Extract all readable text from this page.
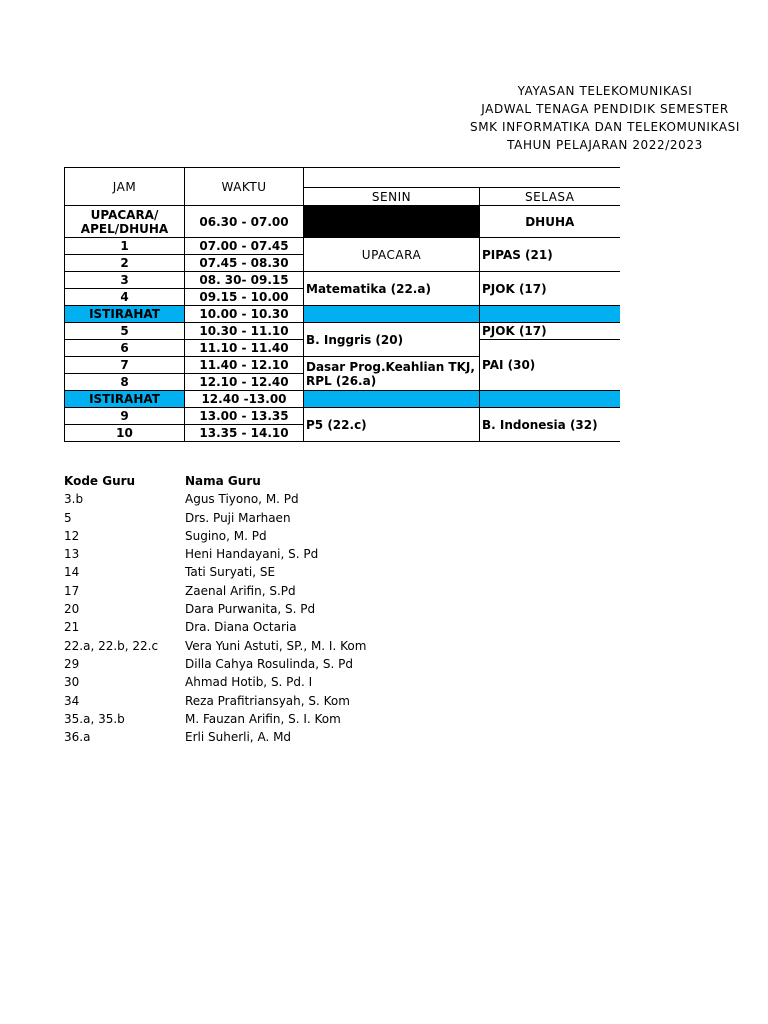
YAYASAN TELEKOMUNIKASI
JADWAL TENAGA PENDIDIK SEMESTER
SMK INFORMATIKA DAN TELEKOMUNIKASI
TAHUN PELAJARAN 2022/2023
JAM	WAKTU		
		SENIN	SELASA
UPACARA/ APEL/DHUHA	06.30 - 07.00		DHUHA
1	07.00 - 07.45	UPACARA	PIPAS (21)
2	07.45 - 08.30		
3	08. 30- 09.15	Matematika (22.a)	PJOK (17)
4	09.15 - 10.00		
ISTIRAHAT	10.00 - 10.30		
5	10.30 - 11.10	B. Inggris (20)	PJOK (17)
6	11.10 - 11.40		PAI (30)
7	11.40 - 12.10	Dasar Prog.Keahlian TKJ, RPL (26.a)	
8	12.10 - 12.40		
ISTIRAHAT	12.40 -13.00		
9	13.00 - 13.35	P5 (22.c)	B. Indonesia (32)
10	13.35 - 14.10		
Kode Guru	Nama Guru
3.b	Agus Tiyono, M. Pd
5	Drs. Puji Marhaen
12	Sugino, M. Pd
13	Heni Handayani, S. Pd
14	Tati Suryati, SE
17	Zaenal Arifin, S.Pd
20	Dara Purwanita, S. Pd
21	Dra. Diana Octaria
22.a, 22.b, 22.c Vera Yuni Astuti, SP., M. I. Kom
29	Dilla Cahya Rosulinda, S. Pd
30	Ahmad Hotib, S. Pd. I
34	Reza Prafitriansyah, S. Kom
35.a, 35.b	M. Fauzan Arifin, S. I. Kom
36.a	Erli Suherli, A. Md
